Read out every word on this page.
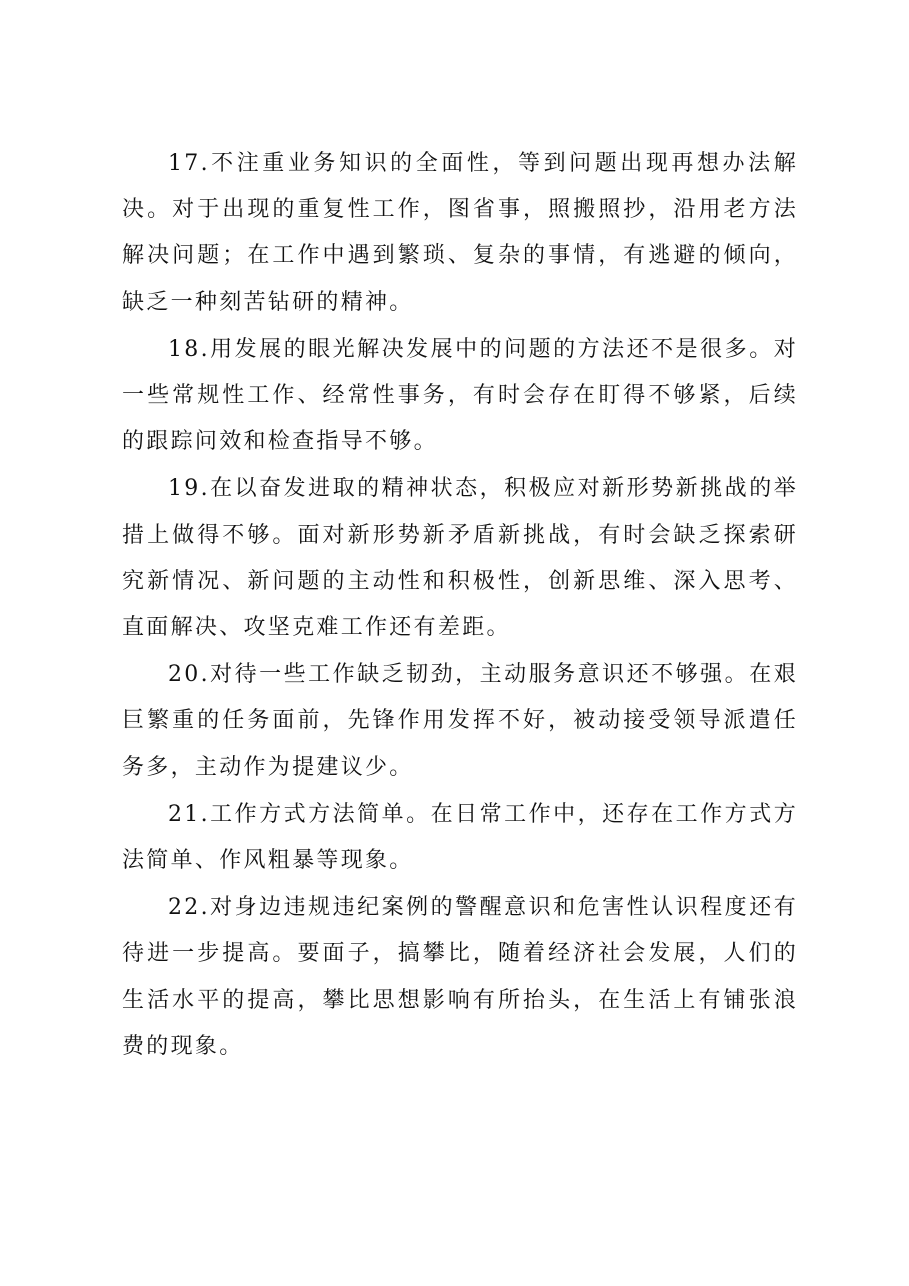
17.不注重业务知识的全面性，等到问题出现再想办法解决。对于出现的重复性工作，图省事，照搬照抄，沿用老方法解决问题；在工作中遇到繁琐、复杂的事情，有逃避的倾向，缺乏一种刻苦钻研的精神。

18.用发展的眼光解决发展中的问题的方法还不是很多。对一些常规性工作、经常性事务，有时会存在盯得不够紧，后续的跟踪问效和检查指导不够。

19.在以奋发进取的精神状态，积极应对新形势新挑战的举措上做得不够。面对新形势新矛盾新挑战，有时会缺乏探索研究新情况、新问题的主动性和积极性，创新思维、深入思考、直面解决、攻坚克难工作还有差距。

20.对待一些工作缺乏韧劲，主动服务意识还不够强。在艰巨繁重的任务面前，先锋作用发挥不好，被动接受领导派遣任务多，主动作为提建议少。

21.工作方式方法简单。在日常工作中，还存在工作方式方法简单、作风粗暴等现象。

22.对身边违规违纪案例的警醒意识和危害性认识程度还有待进一步提高。要面子，搞攀比，随着经济社会发展，人们的生活水平的提高，攀比思想影响有所抬头，在生活上有铺张浪费的现象。
